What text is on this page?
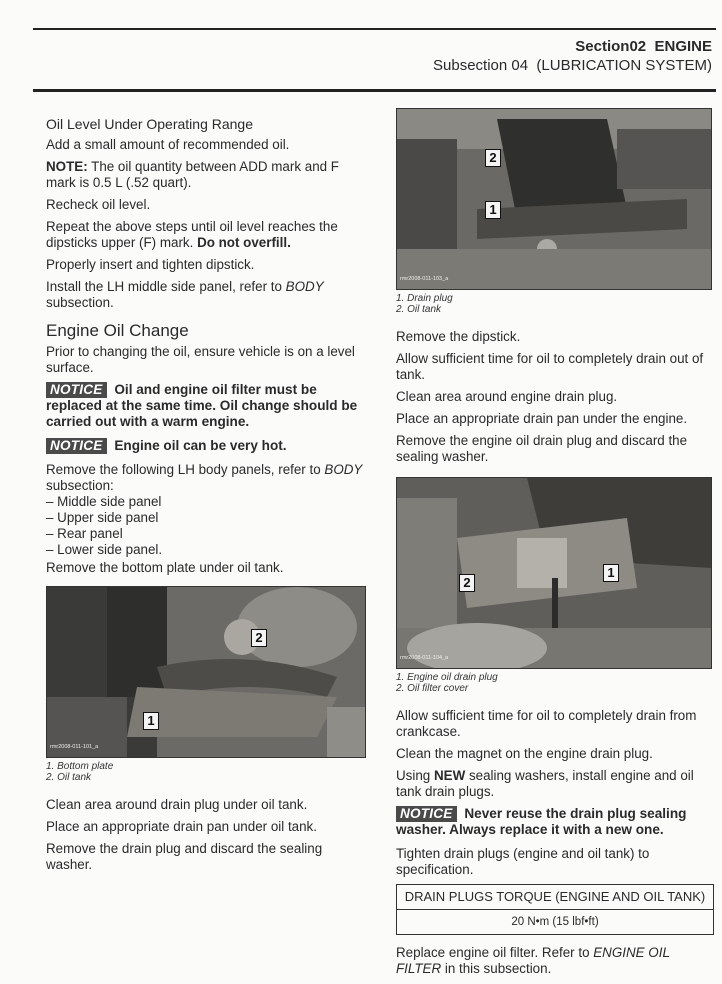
Section02 ENGINE
Subsection 04 (LUBRICATION SYSTEM)
Oil Level Under Operating Range

Add a small amount of recommended oil.

NOTE: The oil quantity between ADD mark and F mark is 0.5 L (.52 quart).

Recheck oil level.

Repeat the above steps until oil level reaches the dipsticks upper (F) mark. Do not overfill.

Properly insert and tighten dipstick.

Install the LH middle side panel, refer to BODY subsection.

Engine Oil Change

Prior to changing the oil, ensure vehicle is on a level surface.

NOTICE Oil and engine oil filter must be replaced at the same time. Oil change should be carried out with a warm engine.

NOTICE Engine oil can be very hot.

Remove the following LH body panels, refer to BODY subsection:

– Middle side panel
– Upper side panel
– Rear panel
– Lower side panel.

Remove the bottom plate under oil tank.

2
1
rmr2008-011-101_a
1. Bottom plate
2. Oil tank

Clean area around drain plug under oil tank.

Place an appropriate drain pan under oil tank.

Remove the drain plug and discard the sealing washer.

2
1
rmr2008-011-103_a
1. Drain plug
2. Oil tank

Remove the dipstick.

Allow sufficient time for oil to completely drain out of tank.

Clean area around engine drain plug.

Place an appropriate drain pan under the engine.

Remove the engine oil drain plug and discard the sealing washer.

2
1
rmr2008-011-104_a
1. Engine oil drain plug
2. Oil filter cover

Allow sufficient time for oil to completely drain from crankcase.

Clean the magnet on the engine drain plug.

Using NEW sealing washers, install engine and oil tank drain plugs.

NOTICE Never reuse the drain plug sealing washer. Always replace it with a new one.

Tighten drain plugs (engine and oil tank) to specification.

DRAIN PLUGS TORQUE (ENGINE AND OIL TANK)
20 N•m (15 lbf•ft)

Replace engine oil filter. Refer to ENGINE OIL FILTER in this subsection.
